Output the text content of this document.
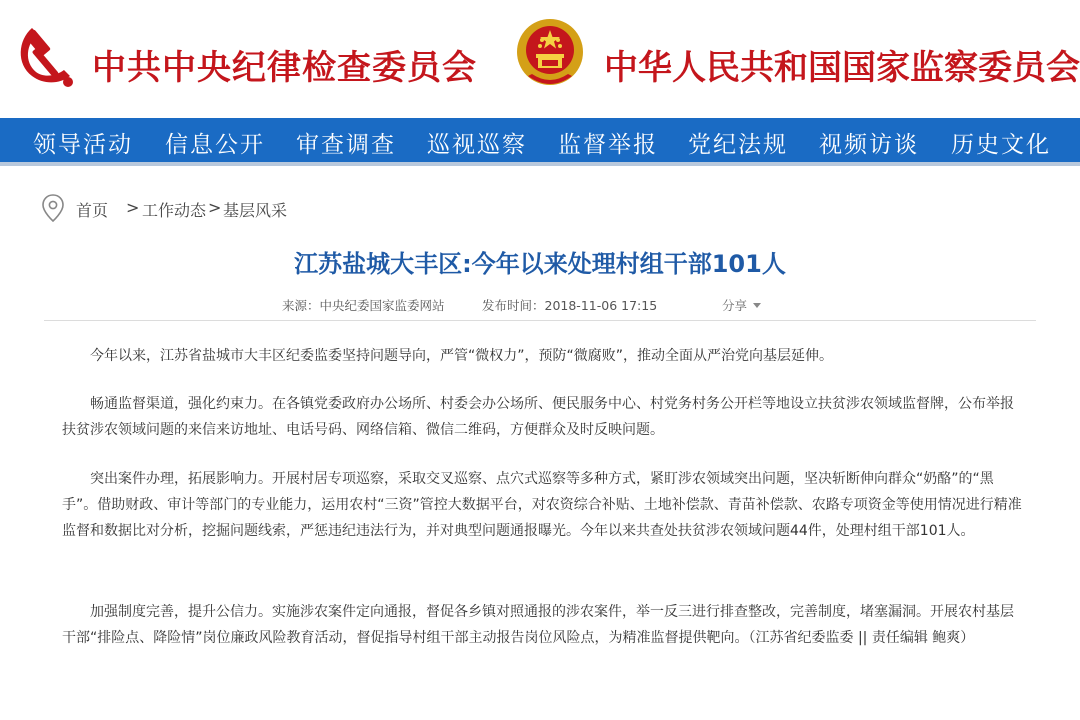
中共中央纪律检查委员会	中华人民共和国国家监察委员会
领导活动 信息公开 审查调查 巡视巡察 监督举报 党纪法规 视频访谈 历史文化
首页 > 工作动态 > 基层风采
江苏盐城大丰区:今年以来处理村组干部101人
来源：中央纪委国家监委网站	发布时间：2018-11-06 17:15	分享
今年以来，江苏省盐城市大丰区纪委监委坚持问题导向，严管“微权力”，预防“微腐败”，推动全面从严治党向基层延伸。
畅通监督渠道，强化约束力。在各镇党委政府办公场所、村委会办公场所、便民服务中心、村党务村务公开栏等地设立扶贫涉农领域监督牌，公布举报扶贫涉农领域问题的来信来访地址、电话号码、网络信箱、微信二维码，方便群众及时反映问题。
突出案件办理，拓展影响力。开展村居专项巡察，采取交叉巡察、点穴式巡察等多种方式，紧盯涉农领域突出问题，坚决斩断伸向群众“奶酪”的“黑手”。借助财政、审计等部门的专业能力，运用农村“三资”管控大数据平台，对农资综合补贴、土地补偿款、青苗补偿款、农路专项资金等使用情况进行精准监督和数据比对分析，挖掘问题线索，严惩违纪违法行为，并对典型问题通报曝光。今年以来共查处扶贫涉农领域问题44件，处理村组干部101人。
加强制度完善，提升公信力。实施涉农案件定向通报，督促各乡镇对照通报的涉农案件，举一反三进行排查整改，完善制度，堵塞漏洞。开展农村基层干部“排险点、降险情”岗位廉政风险教育活动，督促指导村组干部主动报告岗位风险点，为精准监督提供靶向。（江苏省纪委监委 || 责任编辑 鲍爽）
